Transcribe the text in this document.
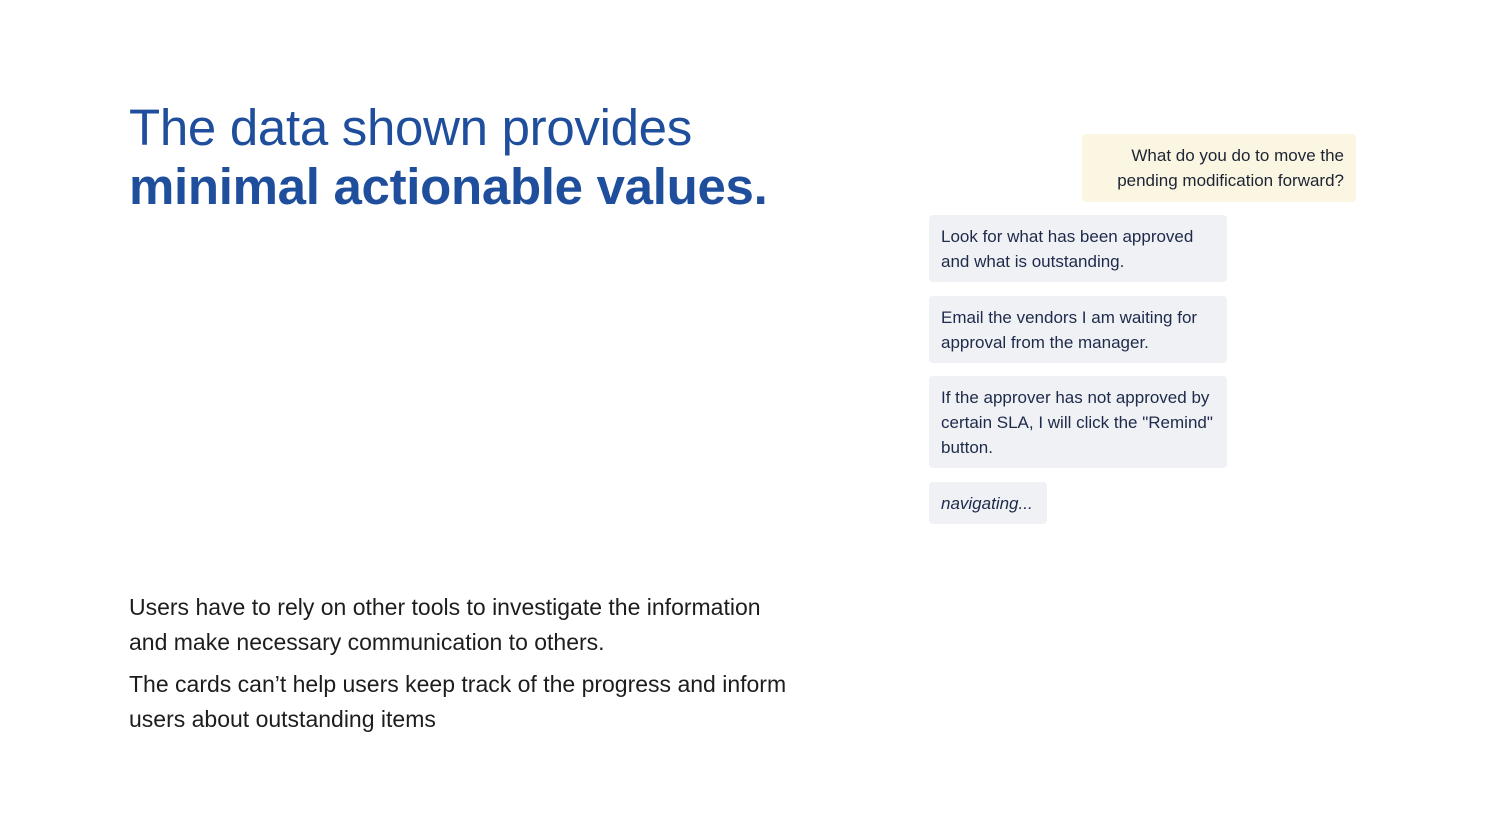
The data shown provides
minimal actionable values.

Users have to rely on other tools to investigate the information and make necessary communication to others.

The cards can’t help users keep track of the progress and inform users about outstanding items

What do you do to move the pending modification forward?
Look for what has been approved and what is outstanding.
Email the vendors I am waiting for approval from the manager.
If the approver has not approved by certain SLA, I will click the "Remind" button.
navigating...
